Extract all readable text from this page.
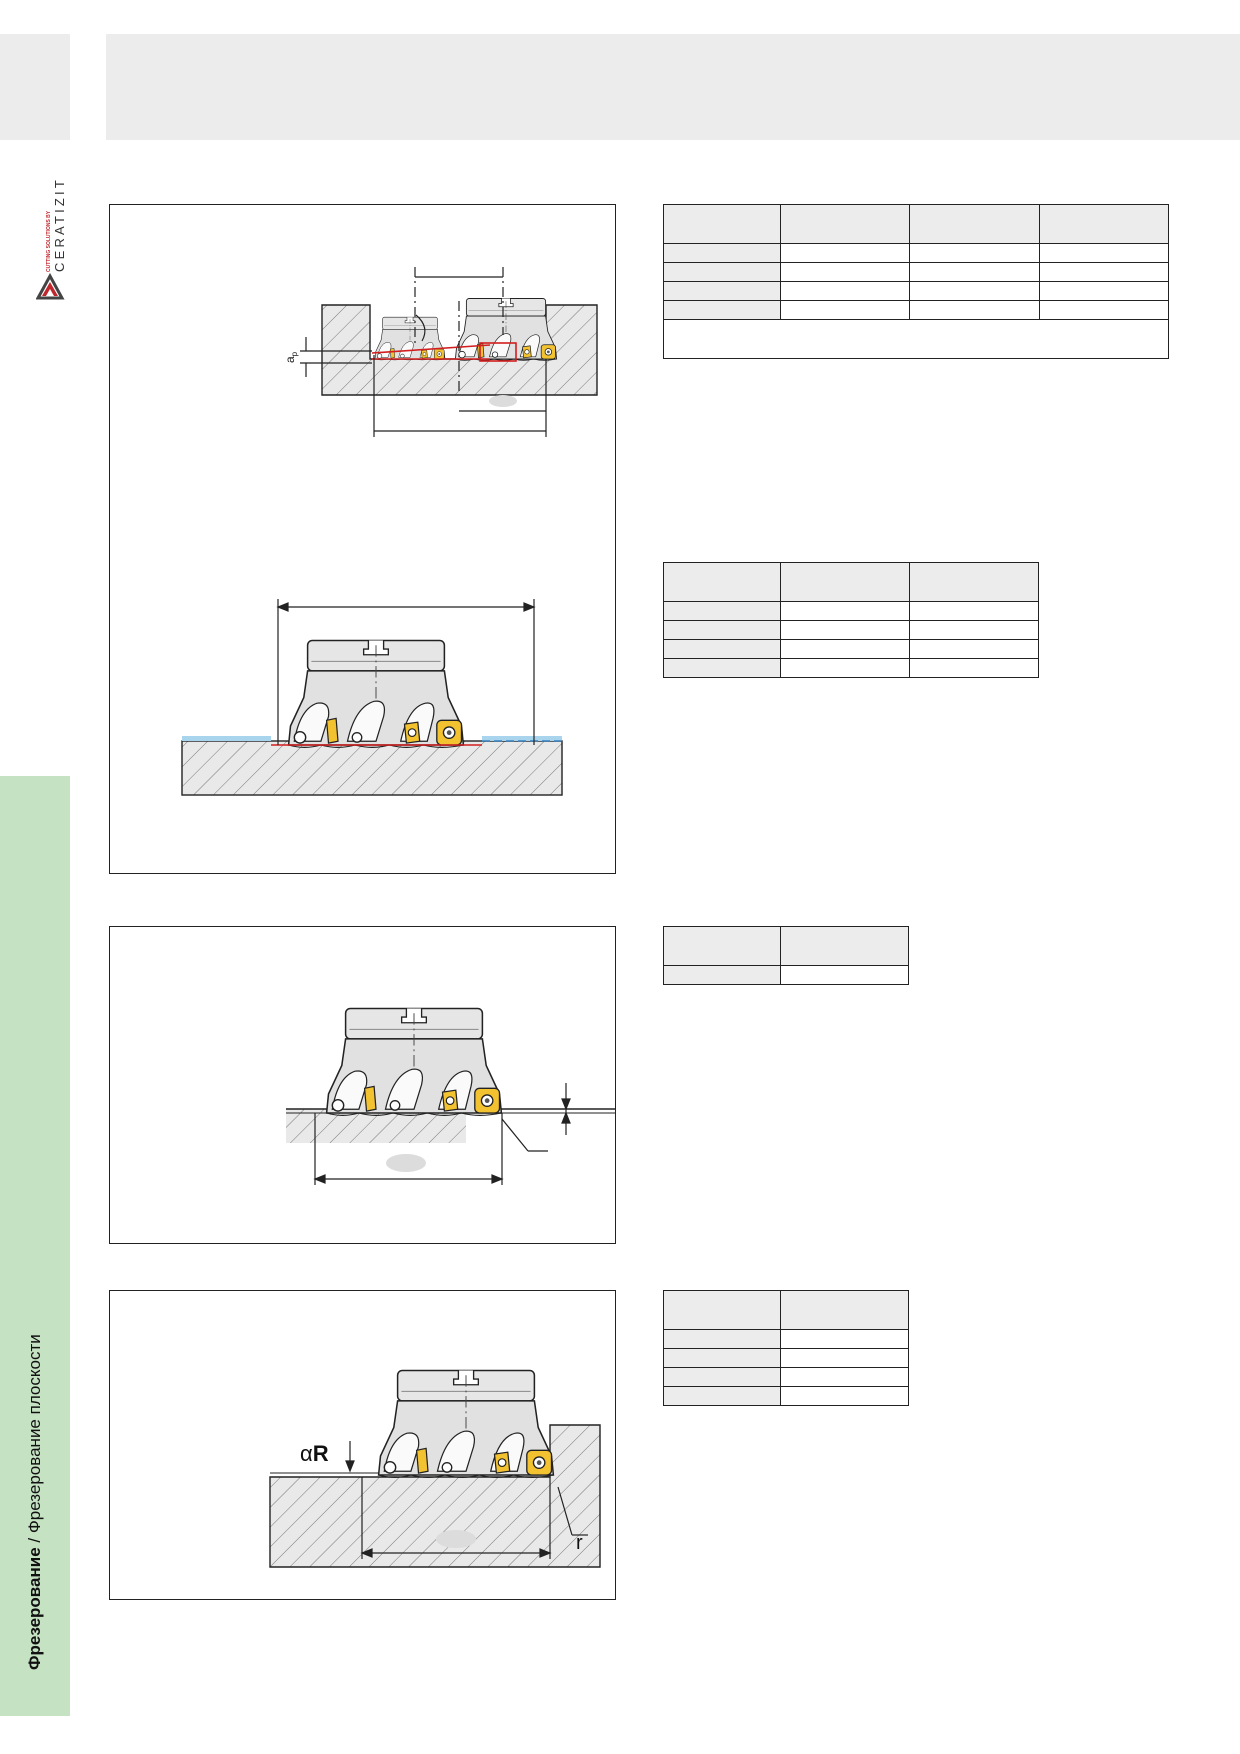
CUTTING SOLUTIONS BY CERATIZIT
Фрезерование / Фрезерование плоскости
$a_p$
αR
r
